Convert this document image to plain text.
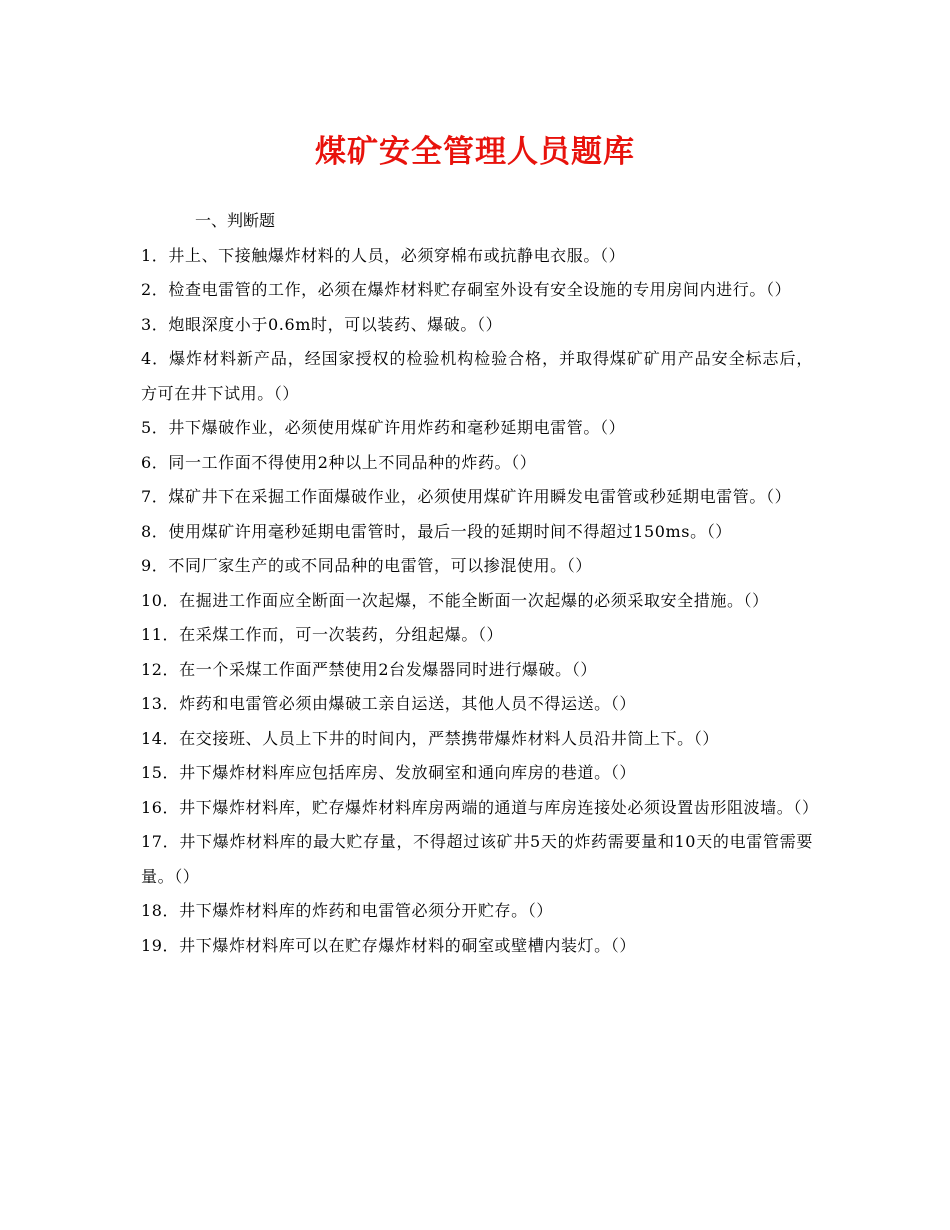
煤矿安全管理人员题库

一、判断题

1．井上、下接触爆炸材料的人员，必须穿棉布或抗静电衣服。（）
2．检查电雷管的工作，必须在爆炸材料贮存硐室外设有安全设施的专用房间内进行。（）
3．炮眼深度小于0.6m时，可以装药、爆破。（）
4．爆炸材料新产品，经国家授权的检验机构检验合格，并取得煤矿矿用产品安全标志后，方可在井下试用。（）
5．井下爆破作业，必须使用煤矿许用炸药和毫秒延期电雷管。（）
6．同一工作面不得使用2种以上不同品种的炸药。（）
7．煤矿井下在采掘工作面爆破作业，必须使用煤矿许用瞬发电雷管或秒延期电雷管。（）
8．使用煤矿许用毫秒延期电雷管时，最后一段的延期时间不得超过150ms。（）
9．不同厂家生产的或不同品种的电雷管，可以掺混使用。（）
10．在掘进工作面应全断面一次起爆，不能全断面一次起爆的必须采取安全措施。（）
11．在采煤工作而，可一次装药，分组起爆。（）
12．在一个采煤工作面严禁使用2台发爆器同时进行爆破。（）
13．炸药和电雷管必须由爆破工亲自运送，其他人员不得运送。（）
14．在交接班、人员上下井的时间内，严禁携带爆炸材料人员沿井筒上下。（）
15．井下爆炸材料库应包括库房、发放硐室和通向库房的巷道。（）
16．井下爆炸材料库，贮存爆炸材料库房两端的通道与库房连接处必须设置齿形阻波墙。（）
17．井下爆炸材料库的最大贮存量，不得超过该矿井5天的炸药需要量和10天的电雷管需要量。（）
18．井下爆炸材料库的炸药和电雷管必须分开贮存。（）
19．井下爆炸材料库可以在贮存爆炸材料的硐室或壁槽内装灯。（）
